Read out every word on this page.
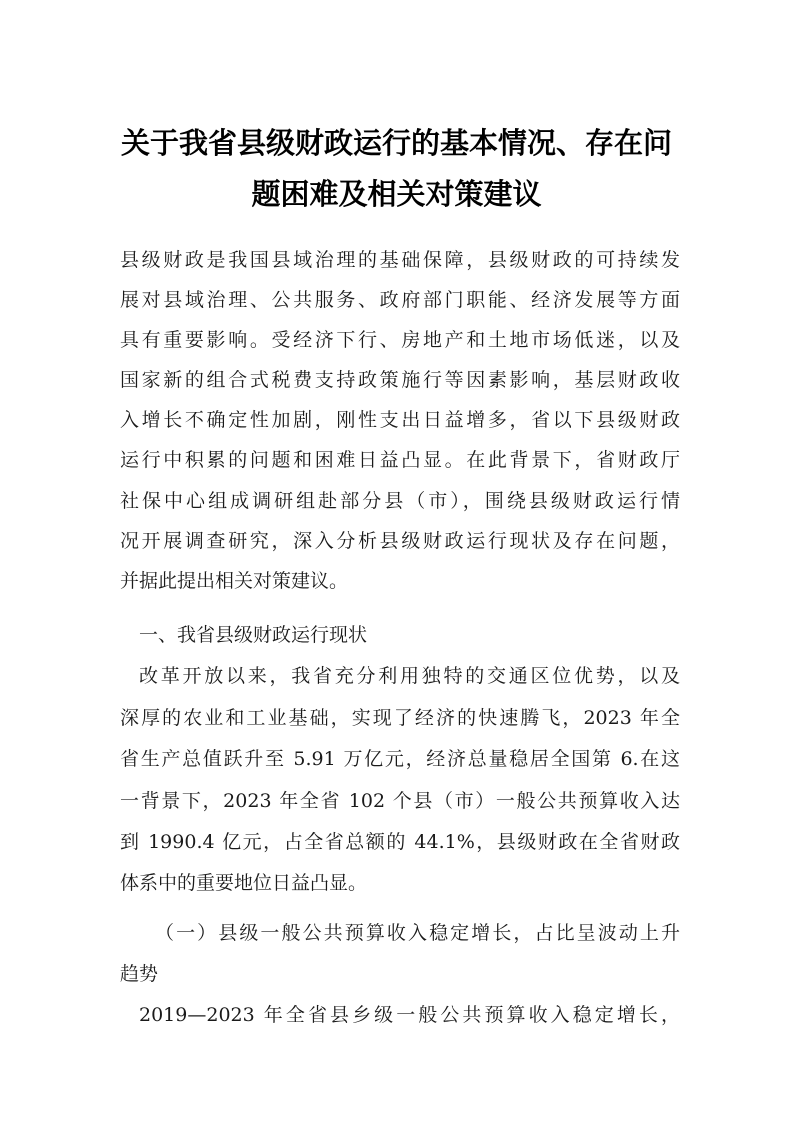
关于我省县级财政运行的基本情况、存在问
题困难及相关对策建议

县级财政是我国县域治理的基础保障，县级财政的可持续发

展对县域治理、公共服务、政府部门职能、经济发展等方面

具有重要影响。受经济下行、房地产和土地市场低迷，以及

国家新的组合式税费支持政策施行等因素影响，基层财政收

入增长不确定性加剧，刚性支出日益增多，省以下县级财政

运行中积累的问题和困难日益凸显。在此背景下，省财政厅

社保中心组成调研组赴部分县（市），围绕县级财政运行情

况开展调查研究，深入分析县级财政运行现状及存在问题，

并据此提出相关对策建议。

一、我省县级财政运行现状

改革开放以来，我省充分利用独特的交通区位优势，以及

深厚的农业和工业基础，实现了经济的快速腾飞，2023 年全

省生产总值跃升至 5.91 万亿元，经济总量稳居全国第 6.在这

一背景下，2023 年全省 102 个县（市）一般公共预算收入达

到 1990.4 亿元，占全省总额的 44.1%，县级财政在全省财政

体系中的重要地位日益凸显。

（一）县级一般公共预算收入稳定增长，占比呈波动上升

趋势

2019—2023 年全省县乡级一般公共预算收入稳定增长，
